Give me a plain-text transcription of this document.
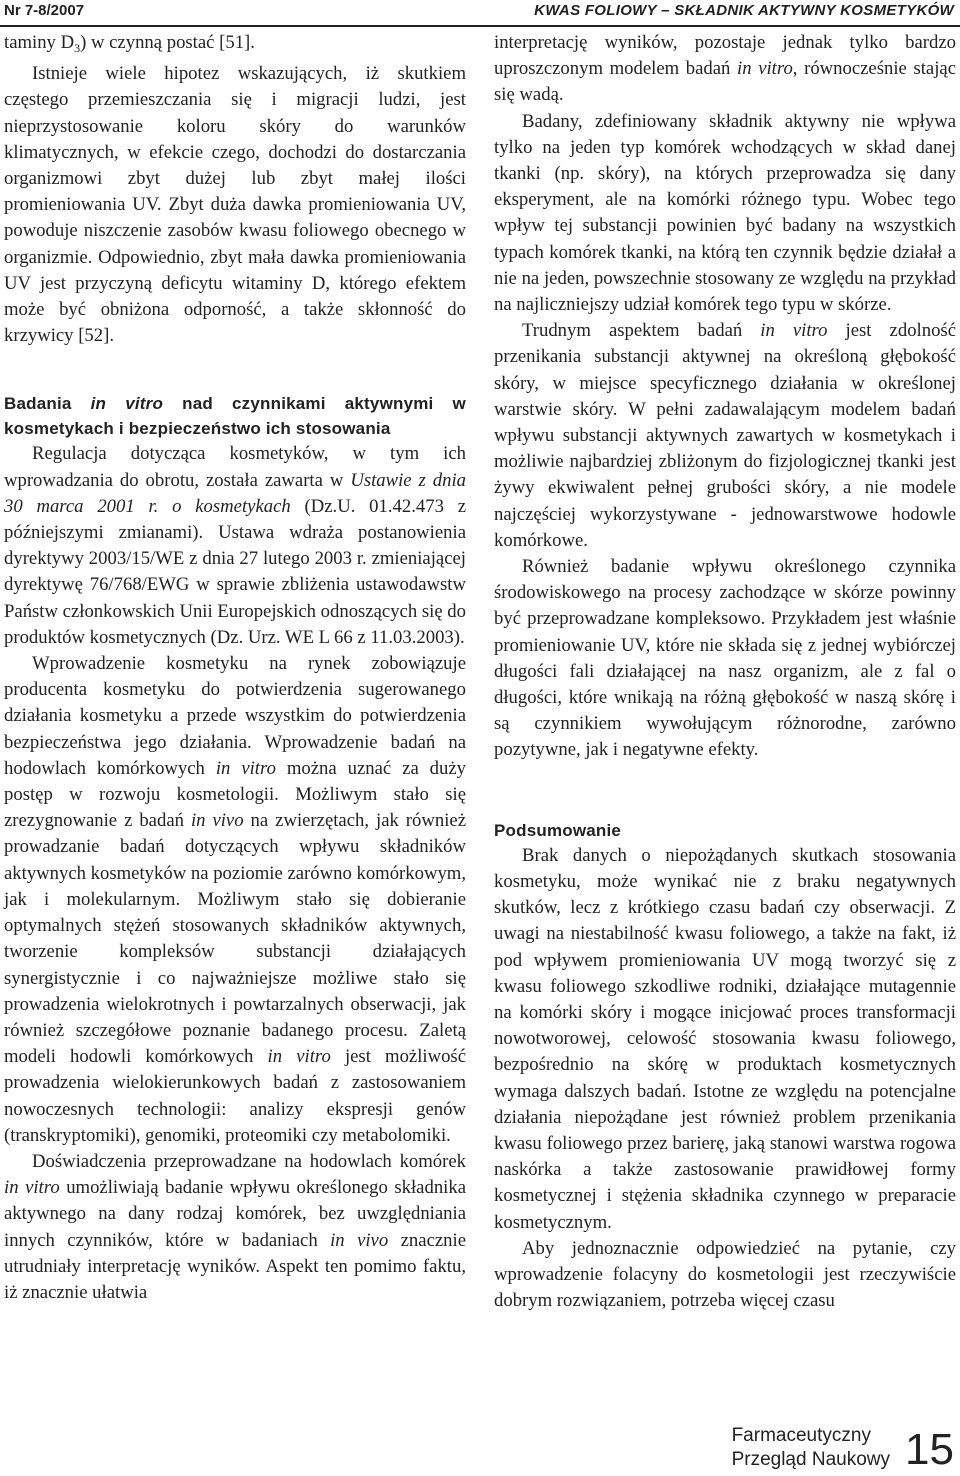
Nr 7-8/2007	KWAS FOLIOWY – SKŁADNIK AKTYWNY KOSMETYKÓW

taminy $D_3$) w czynną postać [51].

Istnieje wiele hipotez wskazujących, iż skutkiem częstego przemieszczania się i migracji ludzi, jest nieprzystosowanie koloru skóry do warunków klimatycznych, w efekcie czego, dochodzi do dostarczania organizmowi zbyt dużej lub zbyt małej ilości promieniowania UV. Zbyt duża dawka promieniowania UV, powoduje niszczenie zasobów kwasu foliowego obecnego w organizmie. Odpowiednio, zbyt mała dawka promieniowania UV jest przyczyną deficytu witaminy D, którego efektem może być obniżona odporność, a także skłonność do krzywicy [52].

Badania in vitro nad czynnikami aktywnymi w kosmetykach i bezpieczeństwo ich stosowania

Regulacja dotycząca kosmetyków, w tym ich wprowadzania do obrotu, została zawarta w Ustawie z dnia 30 marca 2001 r. o kosmetykach (Dz.U. 01.42.473 z późniejszymi zmianami). Ustawa wdraża postanowienia dyrektywy 2003/15/WE z dnia 27 lutego 2003 r. zmieniającej dyrektywę 76/768/EWG w sprawie zbliżenia ustawodawstw Państw członkowskich Unii Europejskich odnoszących się do produktów kosmetycznych (Dz. Urz. WE L 66 z 11.03.2003).

Wprowadzenie kosmetyku na rynek zobowiązuje producenta kosmetyku do potwierdzenia sugerowanego działania kosmetyku a przede wszystkim do potwierdzenia bezpieczeństwa jego działania. Wprowadzenie badań na hodowlach komórkowych in vitro można uznać za duży postęp w rozwoju kosmetologii. Możliwym stało się zrezygnowanie z badań in vivo na zwierzętach, jak również prowadzanie badań dotyczących wpływu składników aktywnych kosmetyków na poziomie zarówno komórkowym, jak i molekularnym. Możliwym stało się dobieranie optymalnych stężeń stosowanych składników aktywnych, tworzenie kompleksów substancji działających synergistycznie i co najważniejsze możliwe stało się prowadzenia wielokrotnych i powtarzalnych obserwacji, jak również szczegółowe poznanie badanego procesu. Zaletą modeli hodowli komórkowych in vitro jest możliwość prowadzenia wielokierunkowych badań z zastosowaniem nowoczesnych technologii: analizy ekspresji genów (transkryptomiki), genomiki, proteomiki czy metabolomiki.

Doświadczenia przeprowadzane na hodowlach komórek in vitro umożliwiają badanie wpływu określonego składnika aktywnego na dany rodzaj komórek, bez uwzględniania innych czynników, które w badaniach in vivo znacznie utrudniały interpretację wyników. Aspekt ten pomimo faktu, iż znacznie ułatwia

interpretację wyników, pozostaje jednak tylko bardzo uproszczonym modelem badań in vitro, równocześnie stając się wadą.

Badany, zdefiniowany składnik aktywny nie wpływa tylko na jeden typ komórek wchodzących w skład danej tkanki (np. skóry), na których przeprowadza się dany eksperyment, ale na komórki różnego typu. Wobec tego wpływ tej substancji powinien być badany na wszystkich typach komórek tkanki, na którą ten czynnik będzie działał a nie na jeden, powszechnie stosowany ze względu na przykład na najliczniejszy udział komórek tego typu w skórze.

Trudnym aspektem badań in vitro jest zdolność przenikania substancji aktywnej na określoną głębokość skóry, w miejsce specyficznego działania w określonej warstwie skóry. W pełni zadawalającym modelem badań wpływu substancji aktywnych zawartych w kosmetykach i możliwie najbardziej zbliżonym do fizjologicznej tkanki jest żywy ekwiwalent pełnej grubości skóry, a nie modele najczęściej wykorzystywane - jednowarstwowe hodowle komórkowe.

Również badanie wpływu określonego czynnika środowiskowego na procesy zachodzące w skórze powinny być przeprowadzane kompleksowo. Przykładem jest właśnie promieniowanie UV, które nie składa się z jednej wybiórczej długości fali działającej na nasz organizm, ale z fal o długości, które wnikają na różną głębokość w naszą skórę i są czynnikiem wywołującym różnorodne, zarówno pozytywne, jak i negatywne efekty.

Podsumowanie

Brak danych o niepożądanych skutkach stosowania kosmetyku, może wynikać nie z braku negatywnych skutków, lecz z krótkiego czasu badań czy obserwacji. Z uwagi na niestabilność kwasu foliowego, a także na fakt, iż pod wpływem promieniowania UV mogą tworzyć się z kwasu foliowego szkodliwe rodniki, działające mutagennie na komórki skóry i mogące inicjować proces transformacji nowotworowej, celowość stosowania kwasu foliowego, bezpośrednio na skórę w produktach kosmetycznych wymaga dalszych badań. Istotne ze względu na potencjalne działania niepożądane jest również problem przenikania kwasu foliowego przez barierę, jaką stanowi warstwa rogowa naskórka a także zastosowanie prawidłowej formy kosmetycznej i stężenia składnika czynnego w preparacie kosmetycznym.

Aby jednoznacznie odpowiedzieć na pytanie, czy wprowadzenie folacyny do kosmetologii jest rzeczywiście dobrym rozwiązaniem, potrzeba więcej czasu

Farmaceutyczny
Przegląd Naukowy 15
